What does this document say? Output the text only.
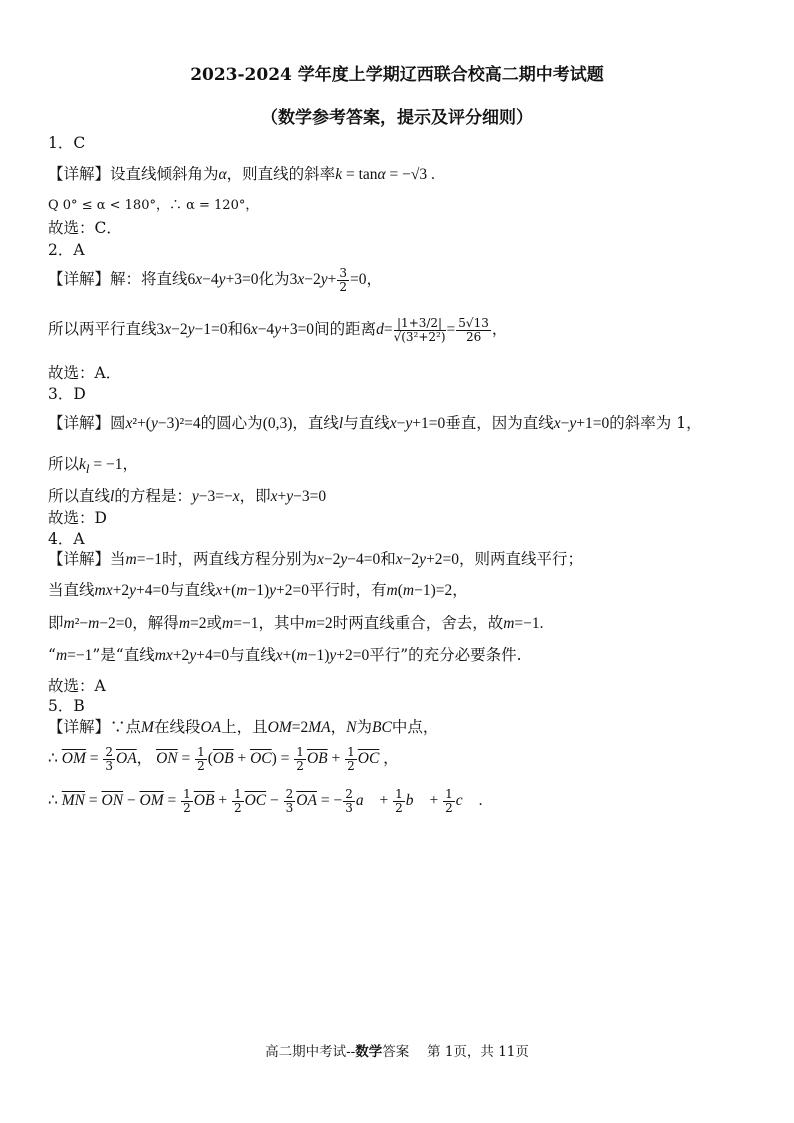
2023-2024 学年度上学期辽西联合校高二期中考试题
（数学参考答案，提示及评分细则）
1．C
【详解】设直线倾斜角为α，则直线的斜率k = tanα = −√3 .
Q 0° ≤ α < 180°，∴ α = 120°，
故选：C．
2．A
【详解】解：将直线6x−4y+3=0化为$3x-2y+ \frac{3}{2} =0$，
所以两平行直线3x−2y−1=0和6x−4y+3=0间的距离$d= \frac{|1+3/2|}{\text{√(3²+2²)}} = \frac{5√13}{26}$ ，
故选：A．
3．D
【详解】圆x²+(y−3)²=4的圆心为(0,3)，直线l与直线x−y+1=0垂直，因为直线x−y+1=0的斜率为 1，
所以$k_l = -1$，
所以直线l的方程是：y−3=−x，即x+y−3=0
故选：D
4．A
【详解】当m=−1时，两直线方程分别为x−2y−4=0和x−2y+2=0，则两直线平行；
当直线mx+2y+4=0与直线x+(m−1)y+2=0平行时，有m(m−1)=2，
即m²−m−2=0，解得m=2或m=−1，其中m=2时两直线重合，舍去，故m=−1.
“m=−1”是“直线mx+2y+4=0与直线x+(m−1)y+2=0平行”的充分必要条件.
故选：A
5．B
【详解】∵点M在线段OA上，且OM=2MA，N为BC中点，
∴ $\overline{OM} = \frac{2}{3} \overline{OA}$， $\overline{ON} = \frac{1}{2} (\overline{OB} + \overline{OC}) = \frac{1}{2} \overline{OB} + \frac{1}{2} \overline{OC}$ ，
∴ $\overline{MN} = \overline{ON} - \overline{OM} = \frac{1}{2} \overline{OB} + \frac{1}{2} \overline{OC} - \frac{2}{3} \overline{OA}$ = − $\frac{2}{3}$ a⃗ + $\frac{1}{2}$ b⃗ + $\frac{1}{2}$ c⃗ .
高二期中考试--数学答案　 第 1页，共 11页
